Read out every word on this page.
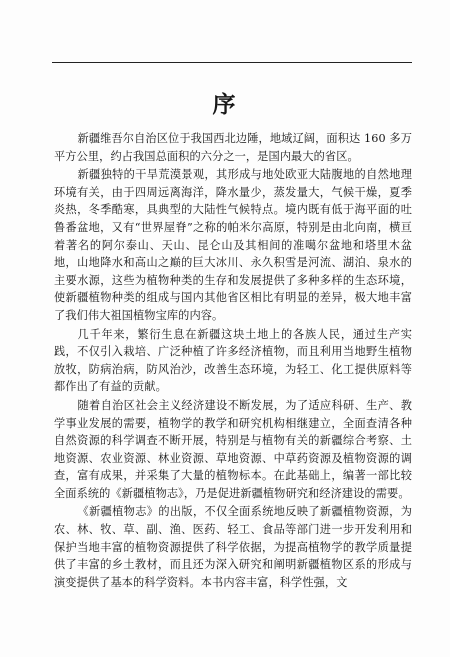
序

新疆维吾尔自治区位于我国西北边陲，地域辽阔，面积达 160 多万平方公里，约占我国总面积的六分之一，是国内最大的省区。

新疆独特的干旱荒漠景观，其形成与地处欧亚大陆腹地的自然地理环境有关，由于四周远离海洋，降水量少，蒸发量大，气候干燥，夏季炎热，冬季酷寒，具典型的大陆性气候特点。境内既有低于海平面的吐鲁番盆地，又有“世界屋脊”之称的帕米尔高原，特别是由北向南，横亘着著名的阿尔泰山、天山、昆仑山及其相间的准噶尔盆地和塔里木盆地，山地降水和高山之巅的巨大冰川、永久积雪是河流、湖泊、泉水的主要水源，这些为植物种类的生存和发展提供了多种多样的生态环境，使新疆植物种类的组成与国内其他省区相比有明显的差异，极大地丰富了我们伟大祖国植物宝库的内容。

几千年来，繁衍生息在新疆这块土地上的各族人民，通过生产实践，不仅引入栽培、广泛种植了许多经济植物，而且利用当地野生植物放牧，防病治病，防风治沙，改善生态环境，为轻工、化工提供原料等都作出了有益的贡献。

随着自治区社会主义经济建设不断发展，为了适应科研、生产、教学事业发展的需要，植物学的教学和研究机构相继建立，全面查清各种自然资源的科学调查不断开展，特别是与植物有关的新疆综合考察、土地资源、农业资源、林业资源、草地资源、中草药资源及植物资源的调查，富有成果，并采集了大量的植物标本。在此基础上，编著一部比较全面系统的《新疆植物志》，乃是促进新疆植物研究和经济建设的需要。

《新疆植物志》的出版，不仅全面系统地反映了新疆植物资源，为农、林、牧、草、副、渔、医药、轻工、食品等部门进一步开发利用和保护当地丰富的植物资源提供了科学依据，为提高植物学的教学质量提供了丰富的乡土教材，而且还为深入研究和阐明新疆植物区系的形成与演变提供了基本的科学资料。本书内容丰富，科学性强，文
